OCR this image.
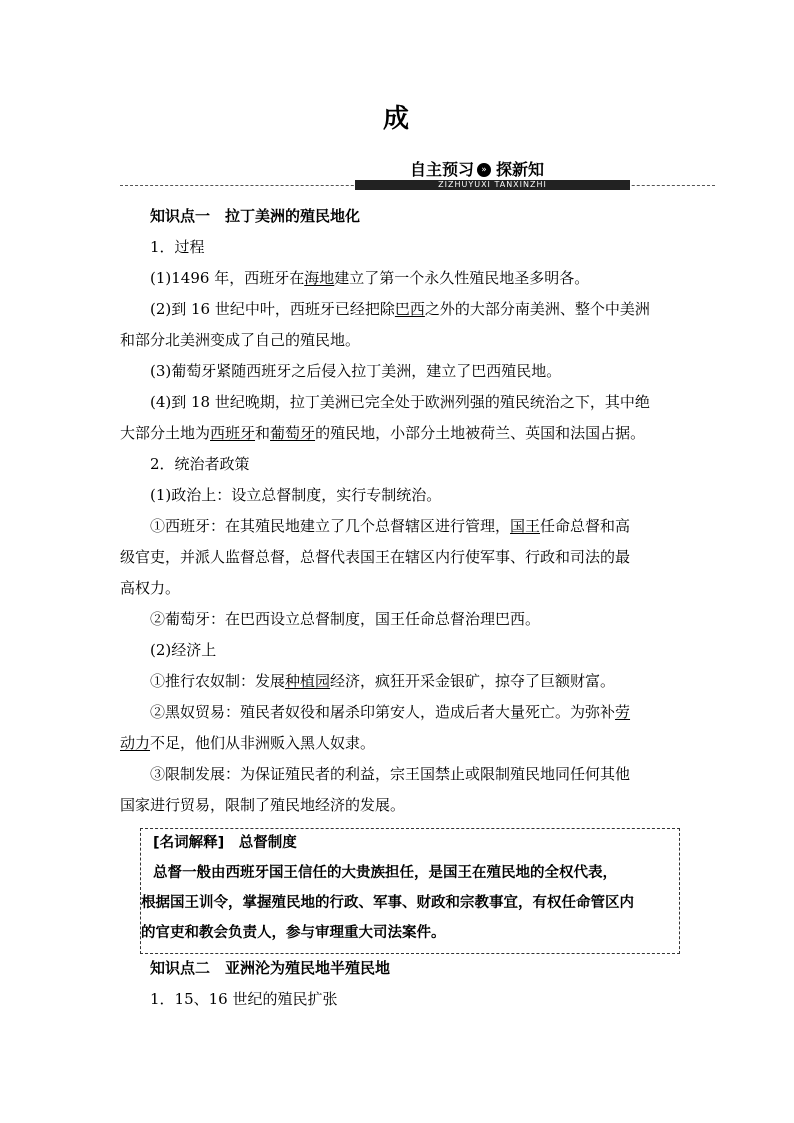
成
自主预习 » 探新知
ZIZHUYUXI TANXINZHI
知识点一　拉丁美洲的殖民地化
1．过程
(1)1496 年，西班牙在海地建立了第一个永久性殖民地圣多明各。
(2)到 16 世纪中叶，西班牙已经把除巴西之外的大部分南美洲、整个中美洲
和部分北美洲变成了自己的殖民地。
(3)葡萄牙紧随西班牙之后侵入拉丁美洲，建立了巴西殖民地。
(4)到 18 世纪晚期，拉丁美洲已完全处于欧洲列强的殖民统治之下，其中绝
大部分土地为西班牙和葡萄牙的殖民地，小部分土地被荷兰、英国和法国占据。
2．统治者政策
(1)政治上：设立总督制度，实行专制统治。
①西班牙：在其殖民地建立了几个总督辖区进行管理，国王任命总督和高
级官吏，并派人监督总督，总督代表国王在辖区内行使军事、行政和司法的最
高权力。
②葡萄牙：在巴西设立总督制度，国王任命总督治理巴西。
(2)经济上
①推行农奴制：发展种植园经济，疯狂开采金银矿，掠夺了巨额财富。
②黑奴贸易：殖民者奴役和屠杀印第安人，造成后者大量死亡。为弥补劳
动力不足，他们从非洲贩入黑人奴隶。
③限制发展：为保证殖民者的利益，宗王国禁止或限制殖民地同任何其他
国家进行贸易，限制了殖民地经济的发展。
[名词解释]　总督制度
总督一般由西班牙国王信任的大贵族担任，是国王在殖民地的全权代表，
根据国王训令，掌握殖民地的行政、军事、财政和宗教事宜，有权任命管区内
的官吏和教会负责人，参与审理重大司法案件。
知识点二　亚洲沦为殖民地半殖民地
1．15、16 世纪的殖民扩张
